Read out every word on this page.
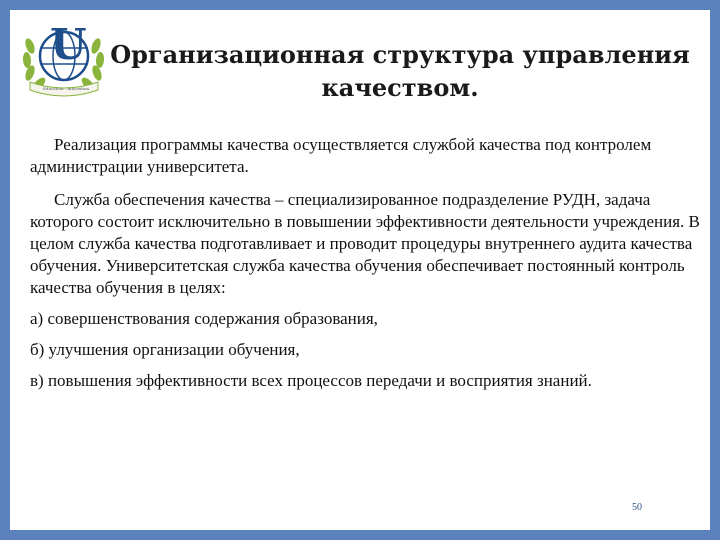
U
Education · Innovation
Организационная структура управления
качеством.

Реализация программы качества осуществляется службой качества под контролем администрации университета.

Служба обеспечения качества – специализированное подразделение РУДН, задача которого состоит исключительно в повышении эффективности деятельности учреждения. В целом служба качества подготавливает и проводит процедуры внутреннего аудита качества обучения. Университетская служба качества обучения обеспечивает постоянный контроль качества обучения в целях:

а) совершенствования содержания образования,

б) улучшения организации обучения,

в) повышения эффективности всех процессов передачи и восприятия знаний.

50
